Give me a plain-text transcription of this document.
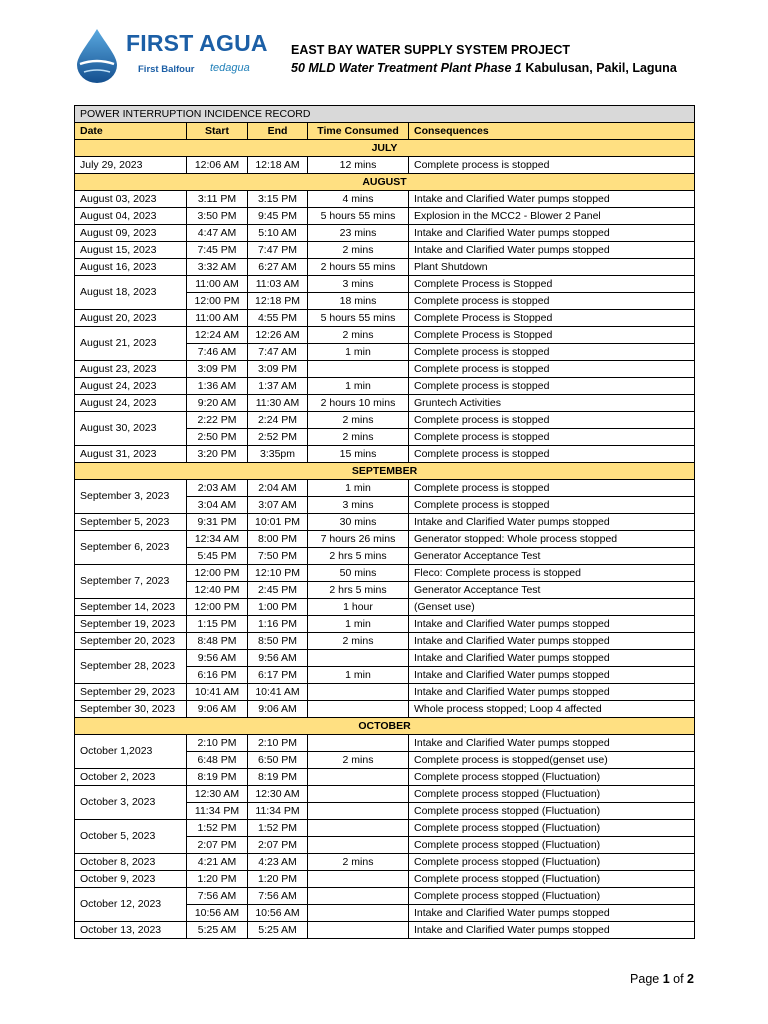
FIRST AGUA
First Balfour tedagua
EAST BAY WATER SUPPLY SYSTEM PROJECT
50 MLD Water Treatment Plant Phase 1 Kabulusan, Pakil, Laguna
POWER INTERRUPTION INCIDENCE RECORD				
Date	Start	End	Time Consumed	Consequences
JULY				
July 29, 2023	12:06 AM	12:18 AM	12 mins	Complete process is stopped
AUGUST				
August 03, 2023	3:11 PM	3:15 PM	4 mins	Intake and Clarified Water pumps stopped
August 04, 2023	3:50 PM	9:45 PM	5 hours 55 mins	Explosion in the MCC2 - Blower 2 Panel
August 09, 2023	4:47 AM	5:10 AM	23 mins	Intake and Clarified Water pumps stopped
August 15, 2023	7:45 PM	7:47 PM	2 mins	Intake and Clarified Water pumps stopped
August 16, 2023	3:32 AM	6:27 AM	2 hours 55 mins	Plant Shutdown
August 18, 2023	11:00 AM	11:03 AM	3 mins	Complete Process is Stopped
	12:00 PM	12:18 PM	18 mins	Complete process is stopped
August 20, 2023	11:00 AM	4:55 PM	5 hours 55 mins	Complete Process is Stopped
August 21, 2023	12:24 AM	12:26 AM	2 mins	Complete Process is Stopped
	7:46 AM	7:47 AM	1 min	Complete process is stopped
August 23, 2023	3:09 PM	3:09 PM		Complete process is stopped
August 24, 2023	1:36 AM	1:37 AM	1 min	Complete process is stopped
August 24, 2023	9:20 AM	11:30 AM	2 hours 10 mins	Gruntech Activities
August 30, 2023	2:22 PM	2:24 PM	2 mins	Complete process is stopped
	2:50 PM	2:52 PM	2 mins	Complete process is stopped
August 31, 2023	3:20 PM	3:35pm	15 mins	Complete process is stopped
SEPTEMBER				
September 3, 2023	2:03 AM	2:04 AM	1 min	Complete process is stopped
	3:04 AM	3:07 AM	3 mins	Complete process is stopped
September 5, 2023	9:31 PM	10:01 PM	30 mins	Intake and Clarified Water pumps stopped
September 6, 2023	12:34 AM	8:00 PM	7 hours 26 mins	Generator stopped: Whole process stopped
	5:45 PM	7:50 PM	2 hrs 5 mins	Generator Acceptance Test
September 7, 2023	12:00 PM	12:10 PM	50 mins	Fleco: Complete process is stopped
	12:40 PM	2:45 PM	2 hrs 5 mins	Generator Acceptance Test
September 14, 2023	12:00 PM	1:00 PM	1 hour	(Genset use)
September 19, 2023	1:15 PM	1:16 PM	1 min	Intake and Clarified Water pumps stopped
September 20, 2023	8:48 PM	8:50 PM	2 mins	Intake and Clarified Water pumps stopped
September 28, 2023	9:56 AM	9:56 AM		Intake and Clarified Water pumps stopped
	6:16 PM	6:17 PM	1 min	Intake and Clarified Water pumps stopped
September 29, 2023	10:41 AM	10:41 AM		Intake and Clarified Water pumps stopped
September 30, 2023	9:06 AM	9:06 AM		Whole process stopped; Loop 4 affected
OCTOBER				
October 1,2023	2:10 PM	2:10 PM		Intake and Clarified Water pumps stopped
	6:48 PM	6:50 PM	2 mins	Complete process is stopped(genset use)
October 2, 2023	8:19 PM	8:19 PM		Complete process stopped (Fluctuation)
October 3, 2023	12:30 AM	12:30 AM		Complete process stopped (Fluctuation)
	11:34 PM	11:34 PM		Complete process stopped (Fluctuation)
October 5, 2023	1:52 PM	1:52 PM		Complete process stopped (Fluctuation)
	2:07 PM	2:07 PM		Complete process stopped (Fluctuation)
October 8, 2023	4:21 AM	4:23 AM	2 mins	Complete process stopped (Fluctuation)
October 9, 2023	1:20 PM	1:20 PM		Complete process stopped (Fluctuation)
October 12, 2023	7:56 AM	7:56 AM		Complete process stopped (Fluctuation)
	10:56 AM	10:56 AM		Intake and Clarified Water pumps stopped
October 13, 2023	5:25 AM	5:25 AM		Intake and Clarified Water pumps stopped
Page 1 of 2
